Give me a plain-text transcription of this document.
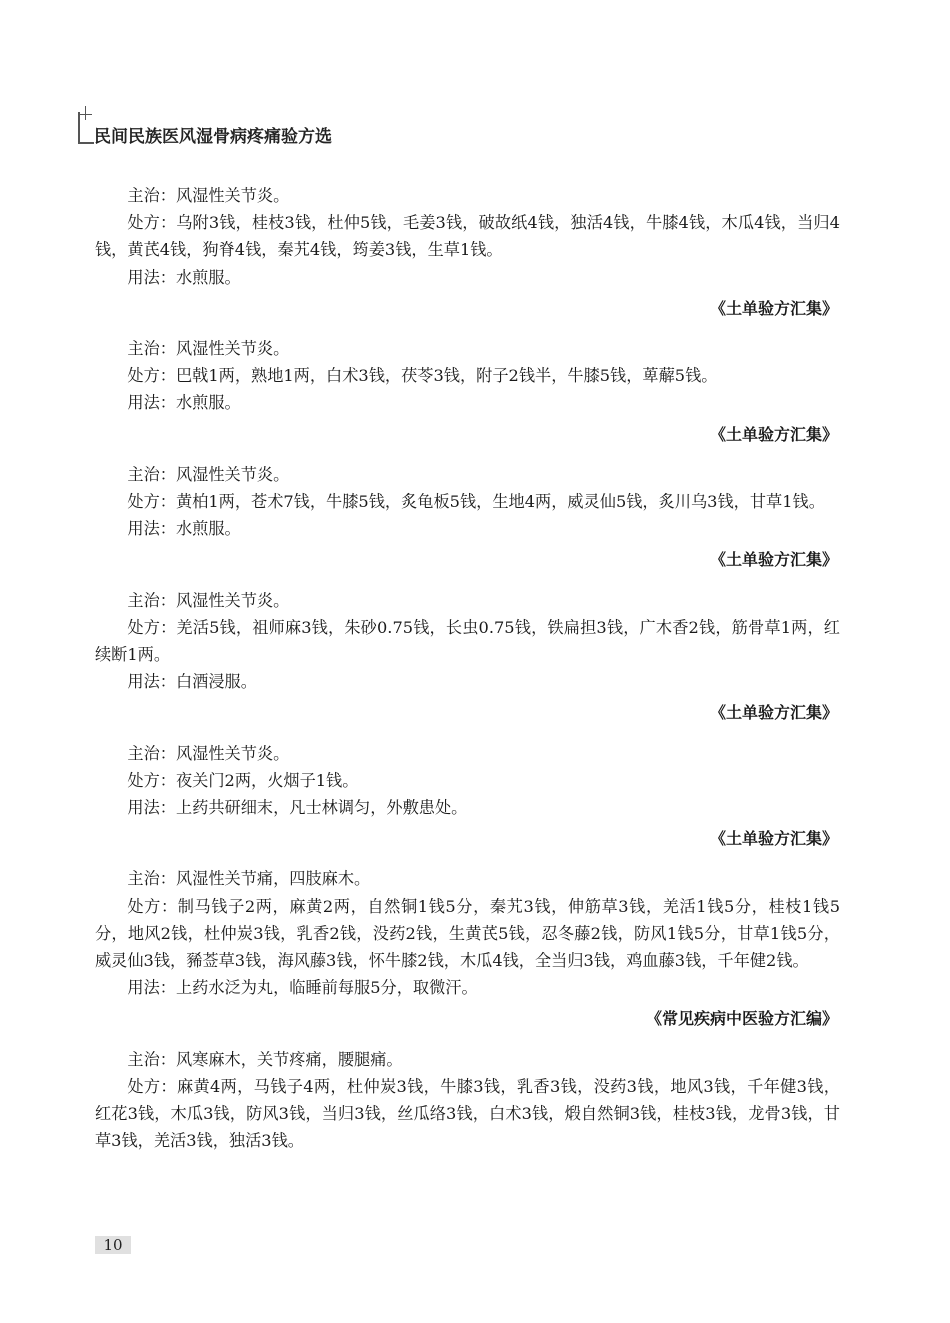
民间民族医风湿骨病疼痛验方选
主治：风湿性关节炎。
处方：乌附3钱，桂枝3钱，杜仲5钱，毛姜3钱，破故纸4钱，独活4钱，牛膝4钱，木瓜4钱，当归4钱，黄芪4钱，狗脊4钱，秦艽4钱，筠姜3钱，生草1钱。
用法：水煎服。
《土单验方汇集》
主治：风湿性关节炎。
处方：巴戟1两，熟地1两，白术3钱，茯苓3钱，附子2钱半，牛膝5钱，萆薢5钱。
用法：水煎服。
《土单验方汇集》
主治：风湿性关节炎。
处方：黄柏1两，苍术7钱，牛膝5钱，炙龟板5钱，生地4两，威灵仙5钱，炙川乌3钱，甘草1钱。
用法：水煎服。
《土单验方汇集》
主治：风湿性关节炎。
处方：羌活5钱，祖师麻3钱，朱砂0.75钱，长虫0.75钱，铁扁担3钱，广木香2钱，筋骨草1两，红续断1两。
用法：白酒浸服。
《土单验方汇集》
主治：风湿性关节炎。
处方：夜关门2两，火烟子1钱。
用法：上药共研细末，凡士林调匀，外敷患处。
《土单验方汇集》
主治：风湿性关节痛，四肢麻木。
处方：制马钱子2两，麻黄2两，自然铜1钱5分，秦艽3钱，伸筋草3钱，羌活1钱5分，桂枝1钱5分，地风2钱，杜仲炭3钱，乳香2钱，没药2钱，生黄芪5钱，忍冬藤2钱，防风1钱5分，甘草1钱5分，威灵仙3钱，豨莶草3钱，海风藤3钱，怀牛膝2钱，木瓜4钱，全当归3钱，鸡血藤3钱，千年健2钱。
用法：上药水泛为丸，临睡前每服5分，取微汗。
《常见疾病中医验方汇编》
主治：风寒麻木，关节疼痛，腰腿痛。
处方：麻黄4两，马钱子4两，杜仲炭3钱，牛膝3钱，乳香3钱，没药3钱，地风3钱，千年健3钱，红花3钱，木瓜3钱，防风3钱，当归3钱，丝瓜络3钱，白术3钱，煅自然铜3钱，桂枝3钱，龙骨3钱，甘草3钱，羌活3钱，独活3钱。
10
